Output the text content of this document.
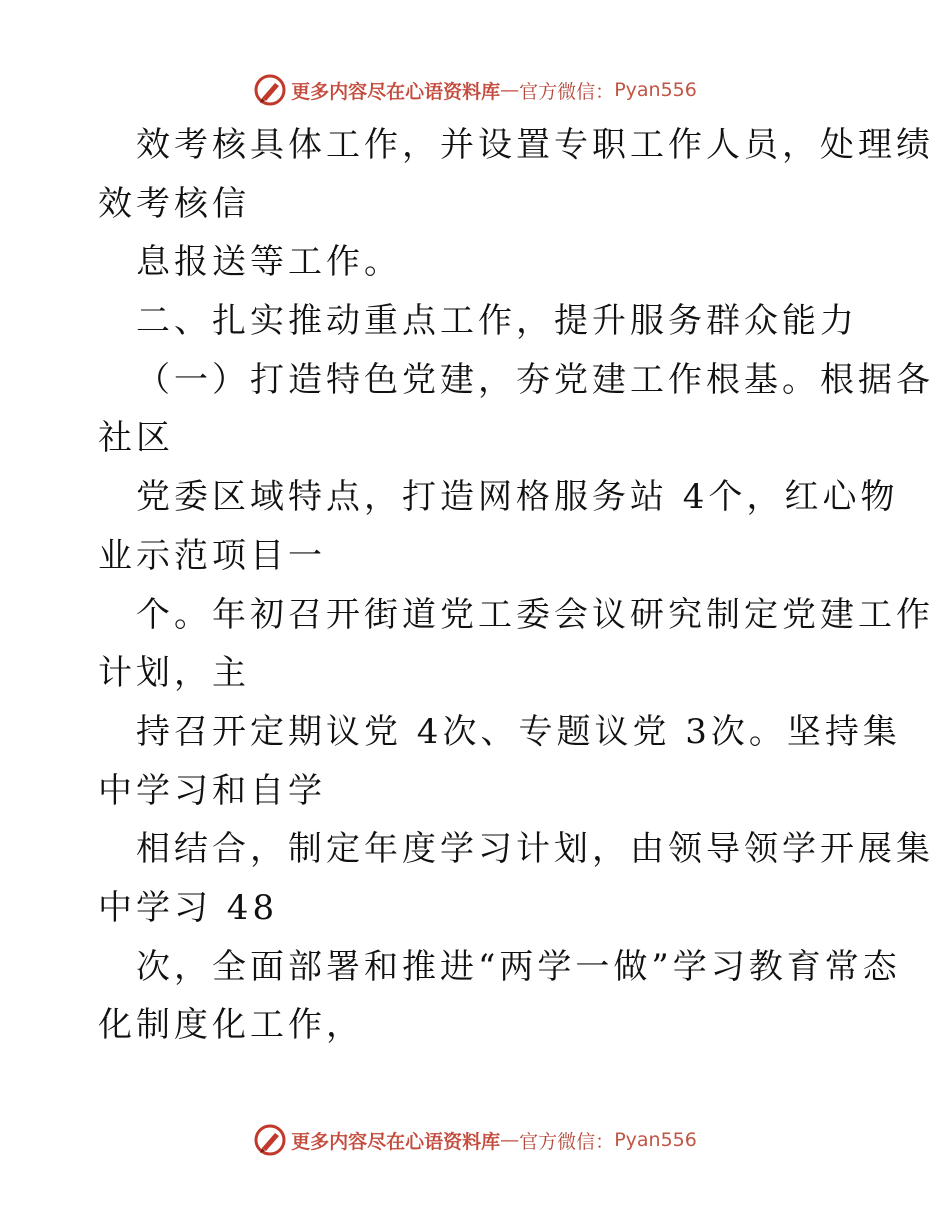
更多内容尽在心语资料库 — 官方微信： Pyan556
效考核具体工作，并设置专职工作人员，处理绩
效考核信
息报送等工作。
二、扎实推动重点工作，提升服务群众能力
（一）打造特色党建，夯党建工作根基。根据各
社区
党委区域特点，打造网格服务站 4个，红心物
业示范项目一
个。年初召开街道党工委会议研究制定党建工作
计划，主
持召开定期议党 4次、专题议党 3次。坚持集
中学习和自学
相结合，制定年度学习计划，由领导领学开展集
中学习 48
次，全面部署和推进“两学一做”学习教育常态
化制度化工作，
更多内容尽在心语资料库 — 官方微信： Pyan556
